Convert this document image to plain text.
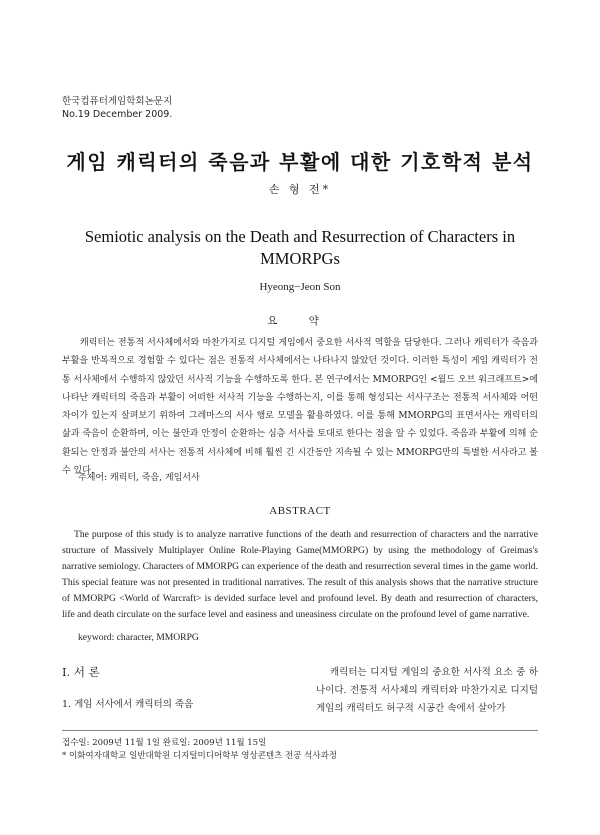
한국컴퓨터게임학회논문지
No.19 December 2009.
게임 캐릭터의 죽음과 부활에 대한 기호학적 분석
손 형 전*
Semiotic analysis on the Death and Resurrection of Characters in MMORPGs
Hyeong−Jeon Son
요 약

캐릭터는 전통적 서사체에서와 마찬가지로 디지털 게임에서 중요한 서사적 역할을 담당한다. 그러나 캐릭터가 죽음과 부활을 반복적으로 경험할 수 있다는 점은 전통적 서사체에서는 나타나지 않았던 것이다. 이러한 특성이 게임 캐릭터가 전통 서사체에서 수행하지 않았던 서사적 기능을 수행하도록 한다. 본 연구에서는 MMORPG인 <월드 오브 워크래프트>에 나타난 캐릭터의 죽음과 부활이 어떠한 서사적 기능을 수행하는지, 이를 통해 형성되는 서사구조는 전통적 서사체와 어떤 차이가 있는지 살펴보기 위하여 그레마스의 서사 행로 모델을 활용하였다. 이를 통해 MMORPG의 표면서사는 캐릭터의 삶과 죽음이 순환하며, 이는 불안과 안정이 순환하는 심층 서사를 토대로 한다는 점을 알 수 있었다. 죽음과 부활에 의해 순환되는 안정과 불안의 서사는 전통적 서사체에 비해 훨씬 긴 시간동안 지속될 수 있는 MMORPG만의 특별한 서사라고 볼 수 있다.

주제어: 캐릭터, 죽음, 게임서사
ABSTRACT

The purpose of this study is to analyze narrative functions of the death and resurrection of characters and the narrative structure of Massively Multiplayer Online Role-Playing Game(MMORPG) by using the methodology of Greimas's narrative semiology. Characters of MMORPG can experience of the death and resurrection several times in the game world. This special feature was not presented in traditional narratives. The result of this analysis shows that the narrative structure of MMORPG <World of Warcraft> is devided surface level and profound level. By death and resurrection of characters, life and death circulate on the surface level and easiness and uneasiness circulate on the profound level of game narrative.

keyword: character, MMORPG
Ⅰ. 서 론
1. 게임 서사에서 캐릭터의 죽음

캐릭터는 디지털 게임의 중요한 서사적 요소 중 하나이다. 전통적 서사체의 캐릭터와 마찬가지로 디지털 게임의 캐릭터도 허구적 시공간 속에서 살아가

접수일: 2009년 11월 1일 완료일: 2009년 11월 15일
* 이화여자대학교 일반대학원 디지털미디어학부 영상콘텐츠 전공 석사과정
